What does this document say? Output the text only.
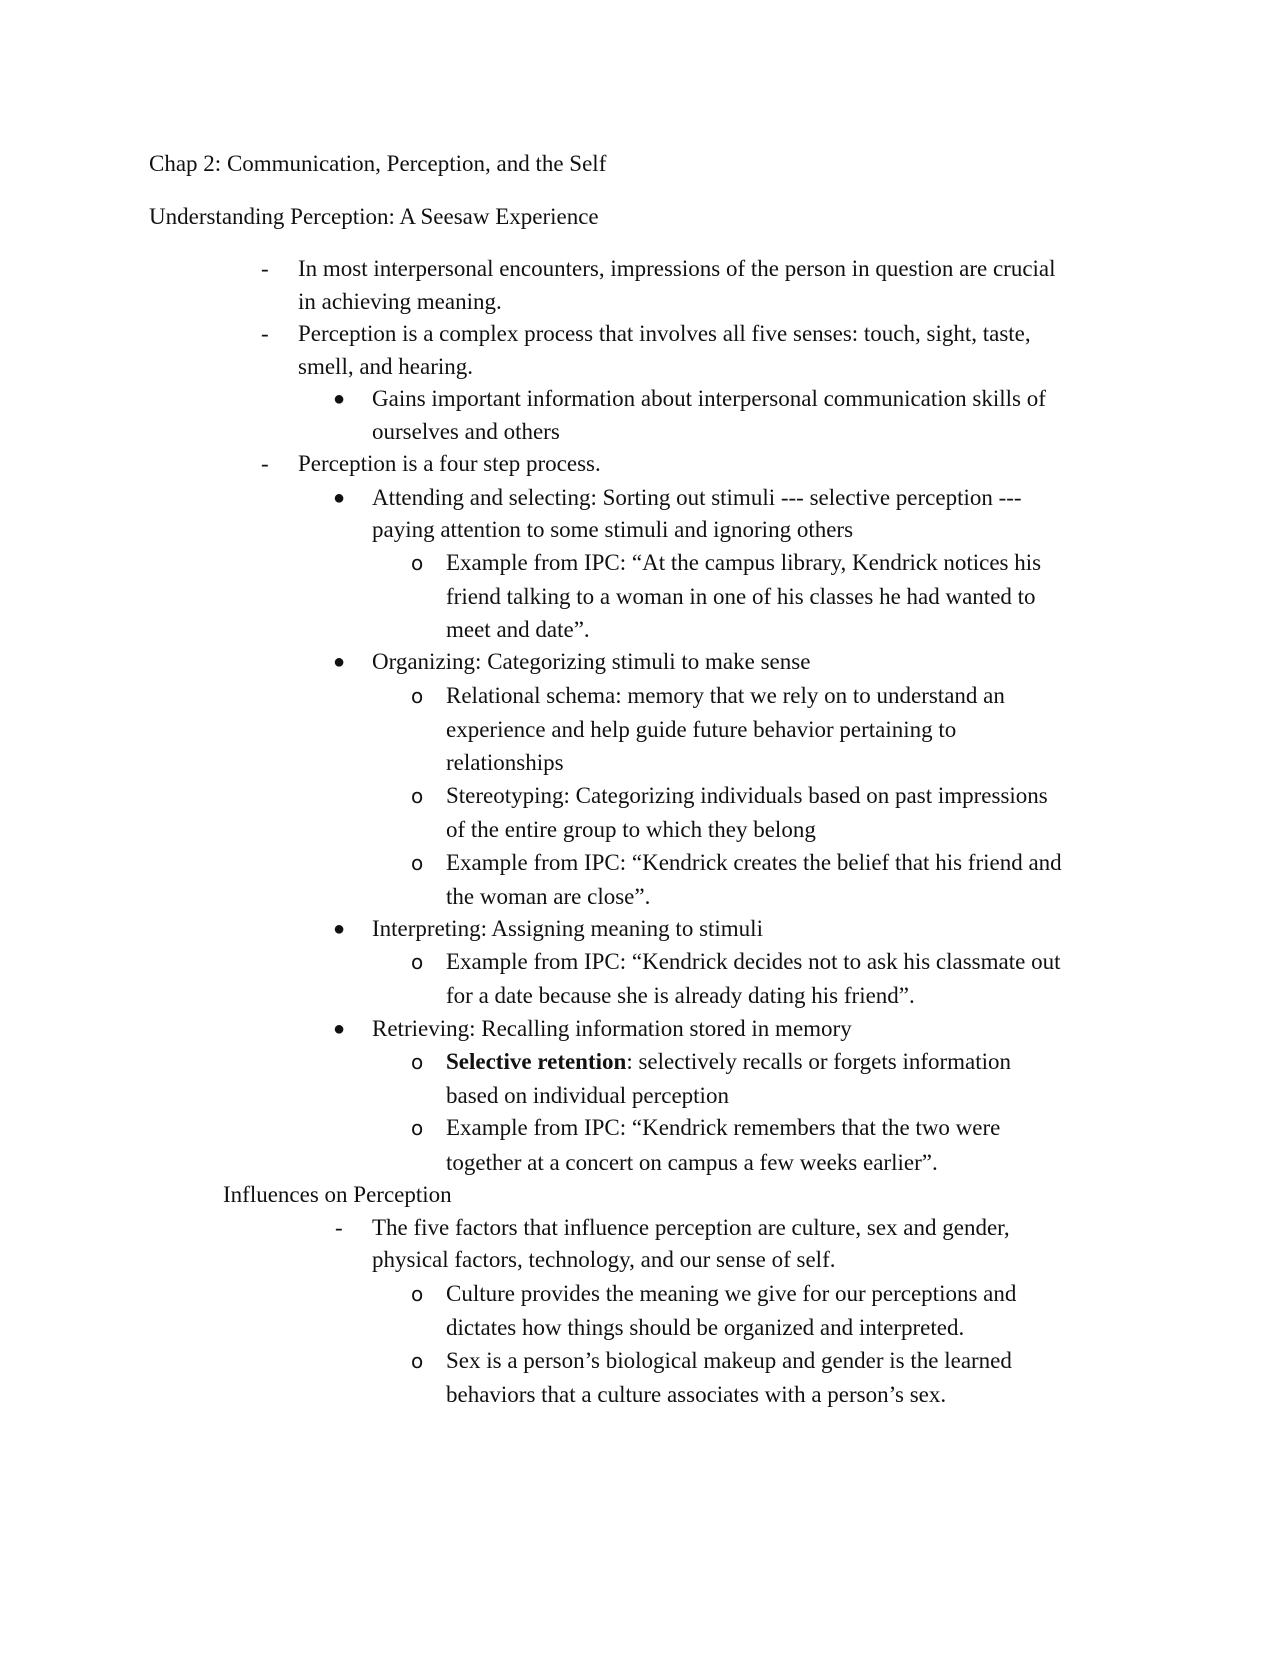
Chap 2: Communication, Perception, and the Self
Understanding Perception: A Seesaw Experience
- In most interpersonal encounters, impressions of the person in question are crucial
in achieving meaning.
- Perception is a complex process that involves all five senses: touch, sight, taste,
smell, and hearing.
● Gains important information about interpersonal communication skills of
ourselves and others
- Perception is a four step process.
● Attending and selecting: Sorting out stimuli --- selective perception ---
paying attention to some stimuli and ignoring others
o Example from IPC: “At the campus library, Kendrick notices his
friend talking to a woman in one of his classes he had wanted to
meet and date”.
● Organizing: Categorizing stimuli to make sense
o Relational schema: memory that we rely on to understand an
experience and help guide future behavior pertaining to
relationships
o Stereotyping: Categorizing individuals based on past impressions
of the entire group to which they belong
o Example from IPC: “Kendrick creates the belief that his friend and
the woman are close”.
● Interpreting: Assigning meaning to stimuli
o Example from IPC: “Kendrick decides not to ask his classmate out
for a date because she is already dating his friend”.
● Retrieving: Recalling information stored in memory
o Selective retention: selectively recalls or forgets information
based on individual perception
o Example from IPC: “Kendrick remembers that the two were
together at a concert on campus a few weeks earlier”.
Influences on Perception
- The five factors that influence perception are culture, sex and gender,
physical factors, technology, and our sense of self.
o Culture provides the meaning we give for our perceptions and
dictates how things should be organized and interpreted.
o Sex is a person’s biological makeup and gender is the learned
behaviors that a culture associates with a person’s sex.
